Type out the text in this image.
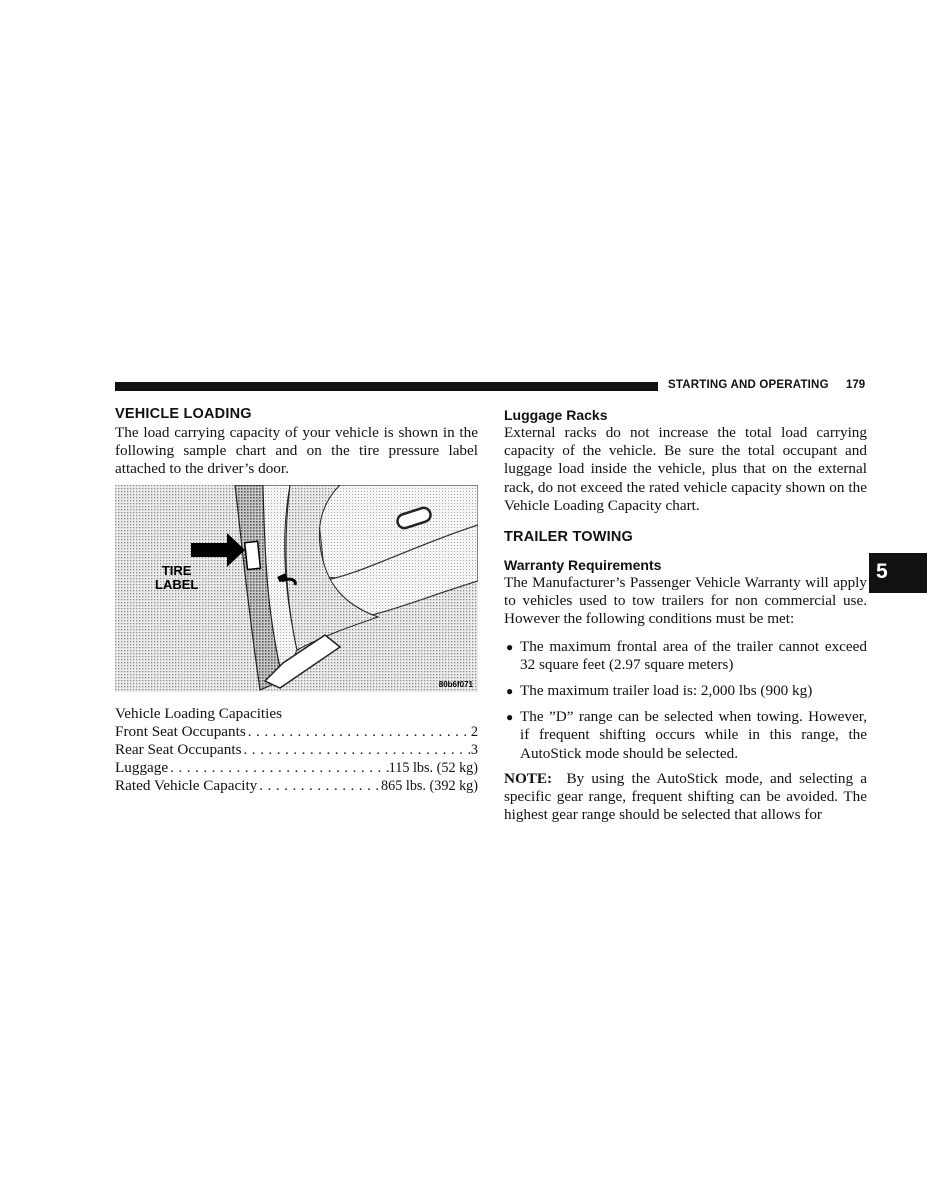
STARTING AND OPERATING 179
5
VEHICLE LOADING

The load carrying capacity of your vehicle is shown in the following sample chart and on the tire pressure label attached to the driver’s door.

TIRE
LABEL
80b6f071
Vehicle Loading Capacities
Front Seat Occupants . . .	2
Rear Seat Occupants . . .	3
Luggage . . .	115 lbs. (52 kg)
Rated Vehicle Capacity . . .	865 lbs. (392 kg)
Luggage Racks

External racks do not increase the total load carrying capacity of the vehicle. Be sure the total occupant and luggage load inside the vehicle, plus that on the external rack, do not exceed the rated vehicle capacity shown on the Vehicle Loading Capacity chart.

TRAILER TOWING
Warranty Requirements

The Manufacturer’s Passenger Vehicle Warranty will apply to vehicles used to tow trailers for non commercial use. However the following conditions must be met:

● The maximum frontal area of the trailer cannot exceed 32 square feet (2.97 square meters)
● The maximum trailer load is: 2,000 lbs (900 kg)
● The ”D” range can be selected when towing. However, if frequent shifting occurs while in this range, the AutoStick mode should be selected.

NOTE: By using the AutoStick mode, and selecting a specific gear range, frequent shifting can be avoided. The highest gear range should be selected that allows for
